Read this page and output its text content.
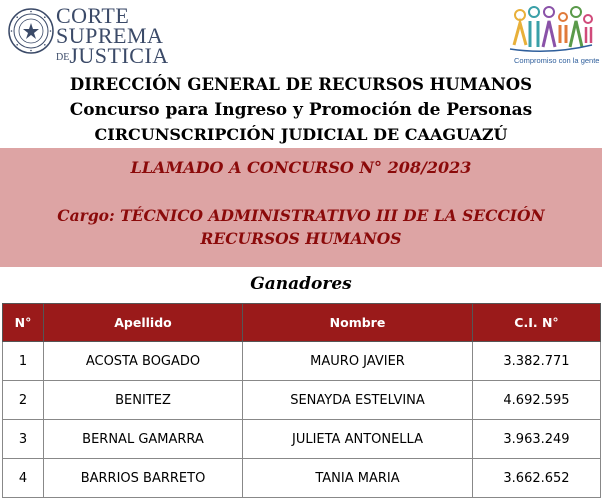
CORTE
SUPREMA
DEJUSTICIA	Compromiso con la gente
DIRECCIÓN GENERAL DE RECURSOS HUMANOS
Concurso para Ingreso y Promoción de Personas
CIRCUNSCRIPCIÓN JUDICIAL DE CAAGUAZÚ
LLAMADO A CONCURSO N° 208/2023
Cargo: TÉCNICO ADMINISTRATIVO III DE LA SECCIÓN RECURSOS HUMANOS
Ganadores
N°	Apellido	Nombre	C.I. N°
1	ACOSTA BOGADO	MAURO JAVIER	3.382.771
2	BENITEZ	SENAYDA ESTELVINA	4.692.595
3	BERNAL GAMARRA	JULIETA ANTONELLA	3.963.249
4	BARRIOS BARRETO	TANIA MARIA	3.662.652
